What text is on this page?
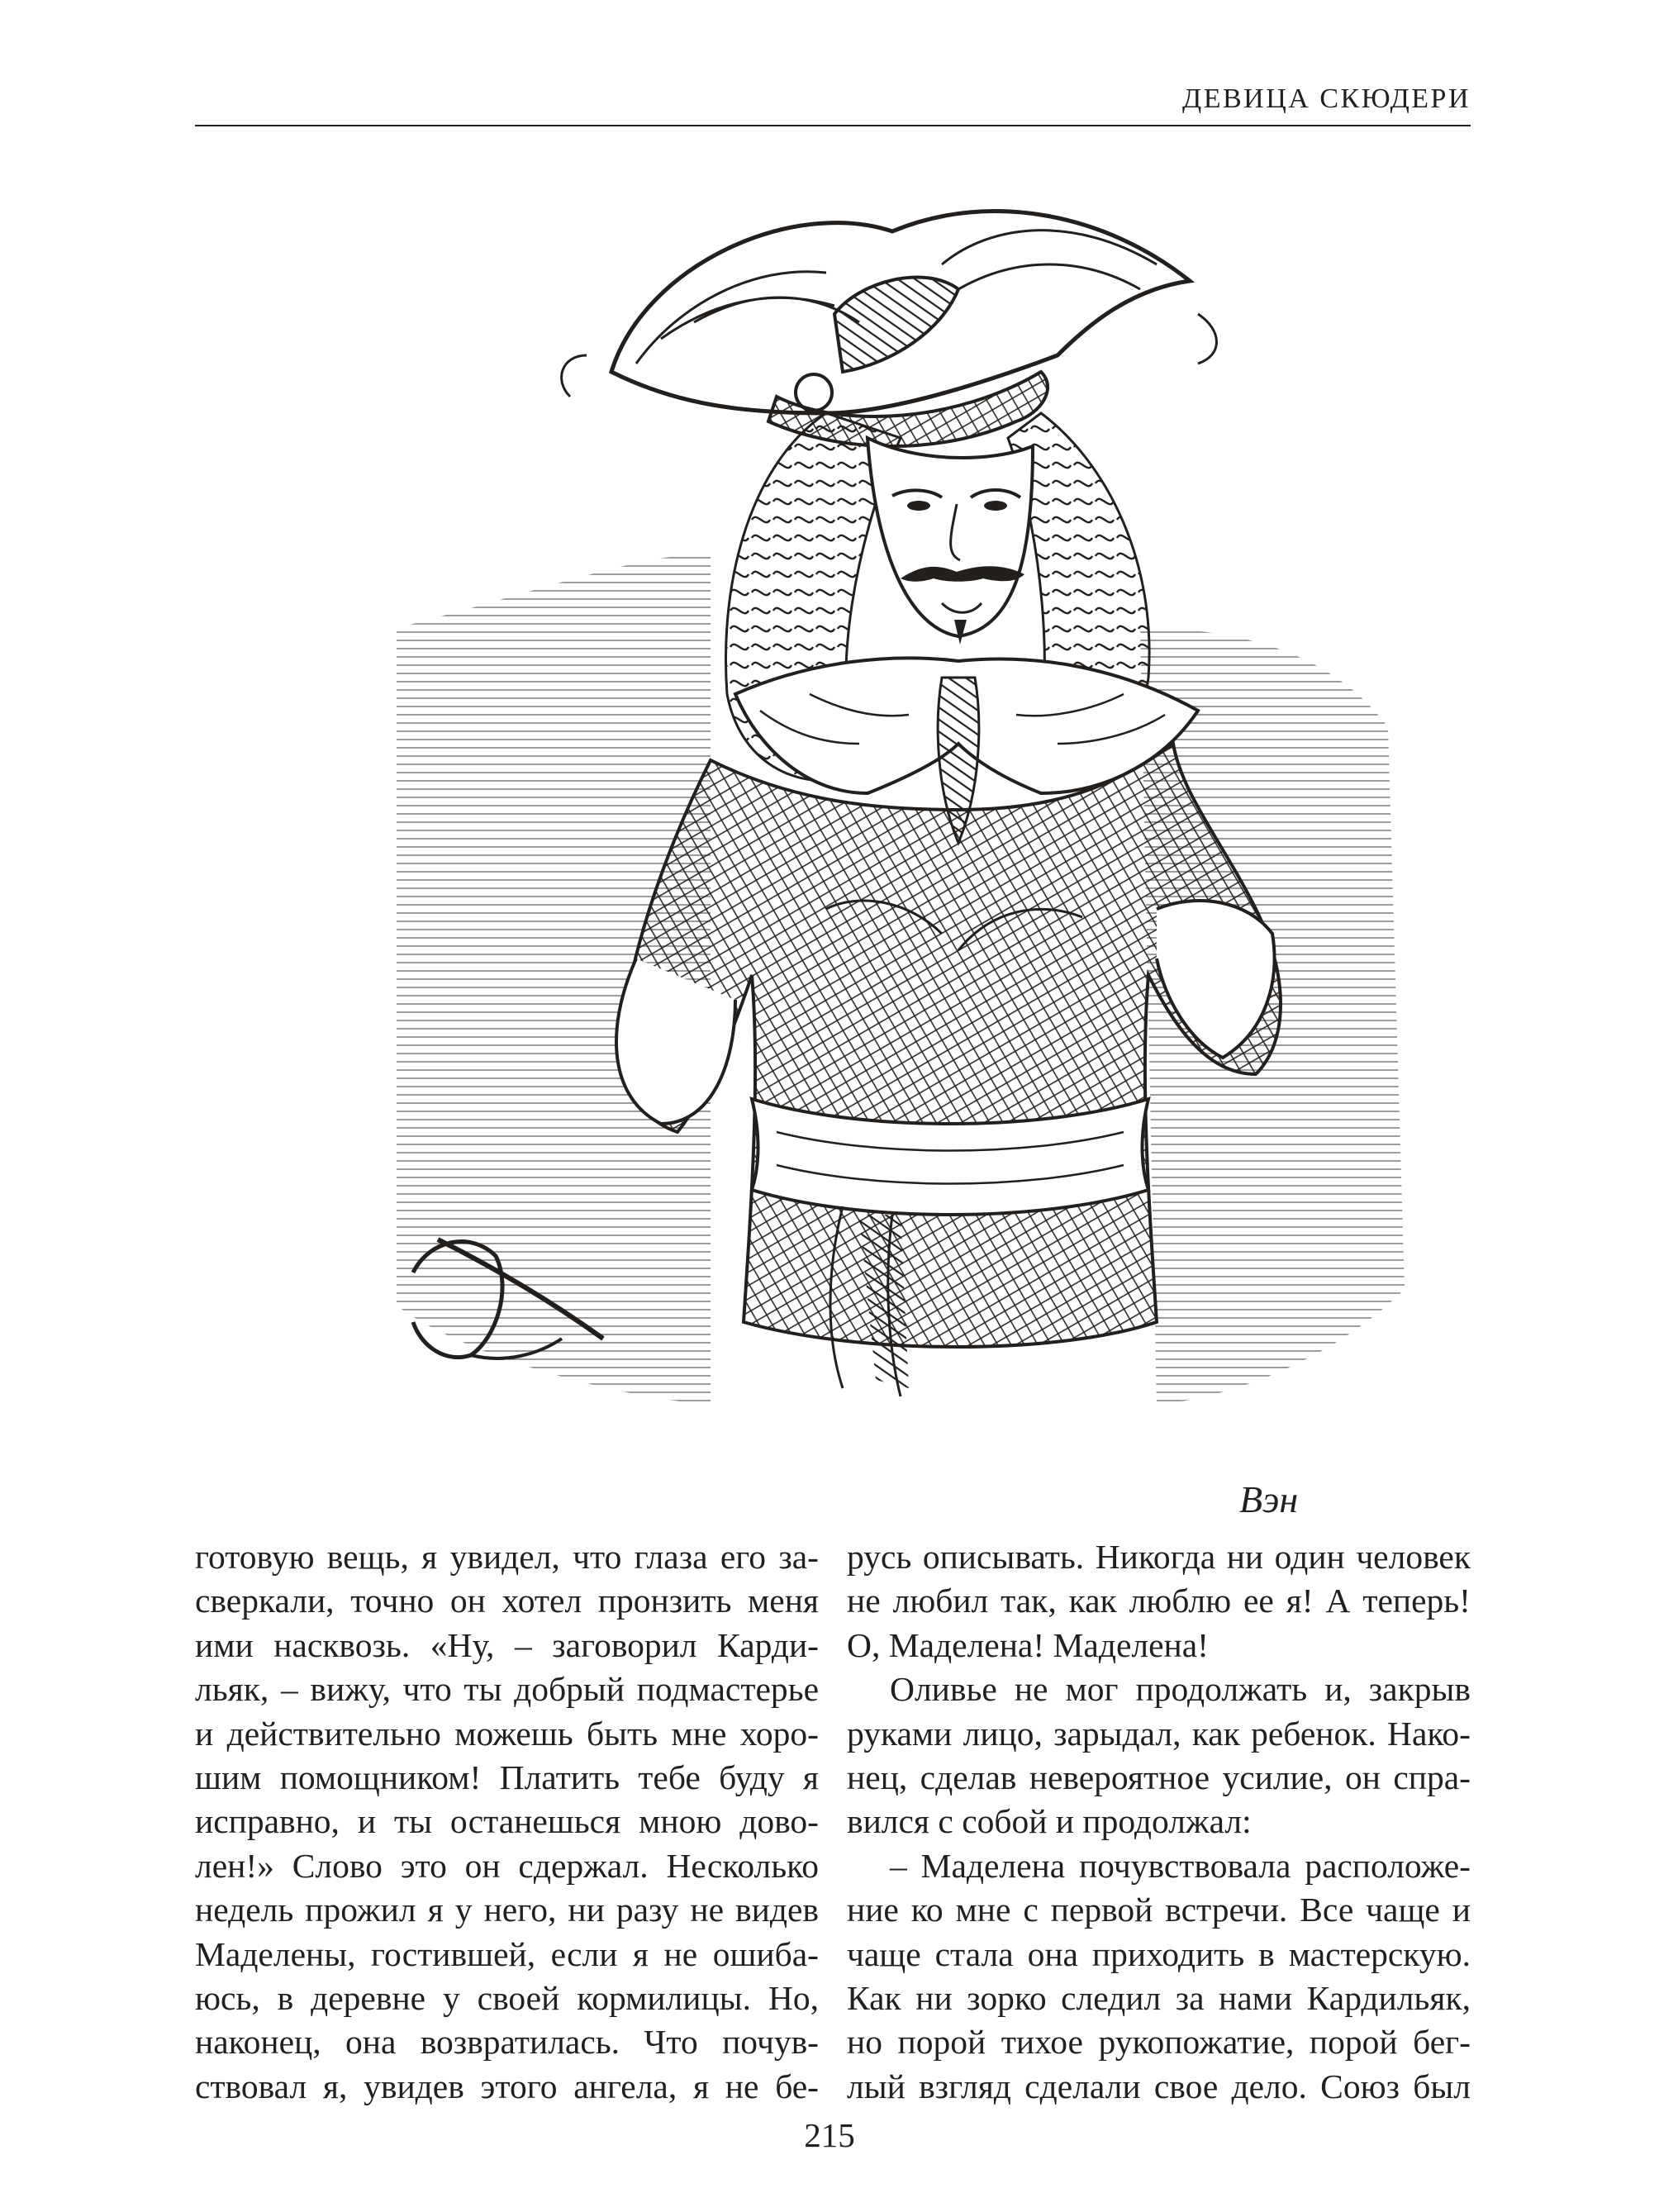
ДЕВИЦА СКЮДЕРИ
Вэн
готовую вещь, я увидел, что глаза его за-
сверкали, точно он хотел пронзить меня
ими насквозь. «Ну, – заговорил Карди-
льяк, – вижу, что ты добрый подмастерье
и действительно можешь быть мне хоро-
шим помощником! Платить тебе буду я
исправно, и ты останешься мною дово-
лен!» Слово это он сдержал. Несколько
недель прожил я у него, ни разу не видев
Маделены, гостившей, если я не ошиба-
юсь, в деревне у своей кормилицы. Но,
наконец, она возвратилась. Что почув-
ствовал я, увидев этого ангела, я не бе-
русь описывать. Никогда ни один человек
не любил так, как люблю ее я! А теперь!
О, Маделена! Маделена!
Оливье не мог продолжать и, закрыв
руками лицо, зарыдал, как ребенок. Нако-
нец, сделав невероятное усилие, он спра-
вился с собой и продолжал:
– Маделена почувствовала расположе-
ние ко мне с первой встречи. Все чаще и
чаще стала она приходить в мастерскую.
Как ни зорко следил за нами Кардильяк,
но порой тихое рукопожатие, порой бег-
лый взгляд сделали свое дело. Союз был
215
